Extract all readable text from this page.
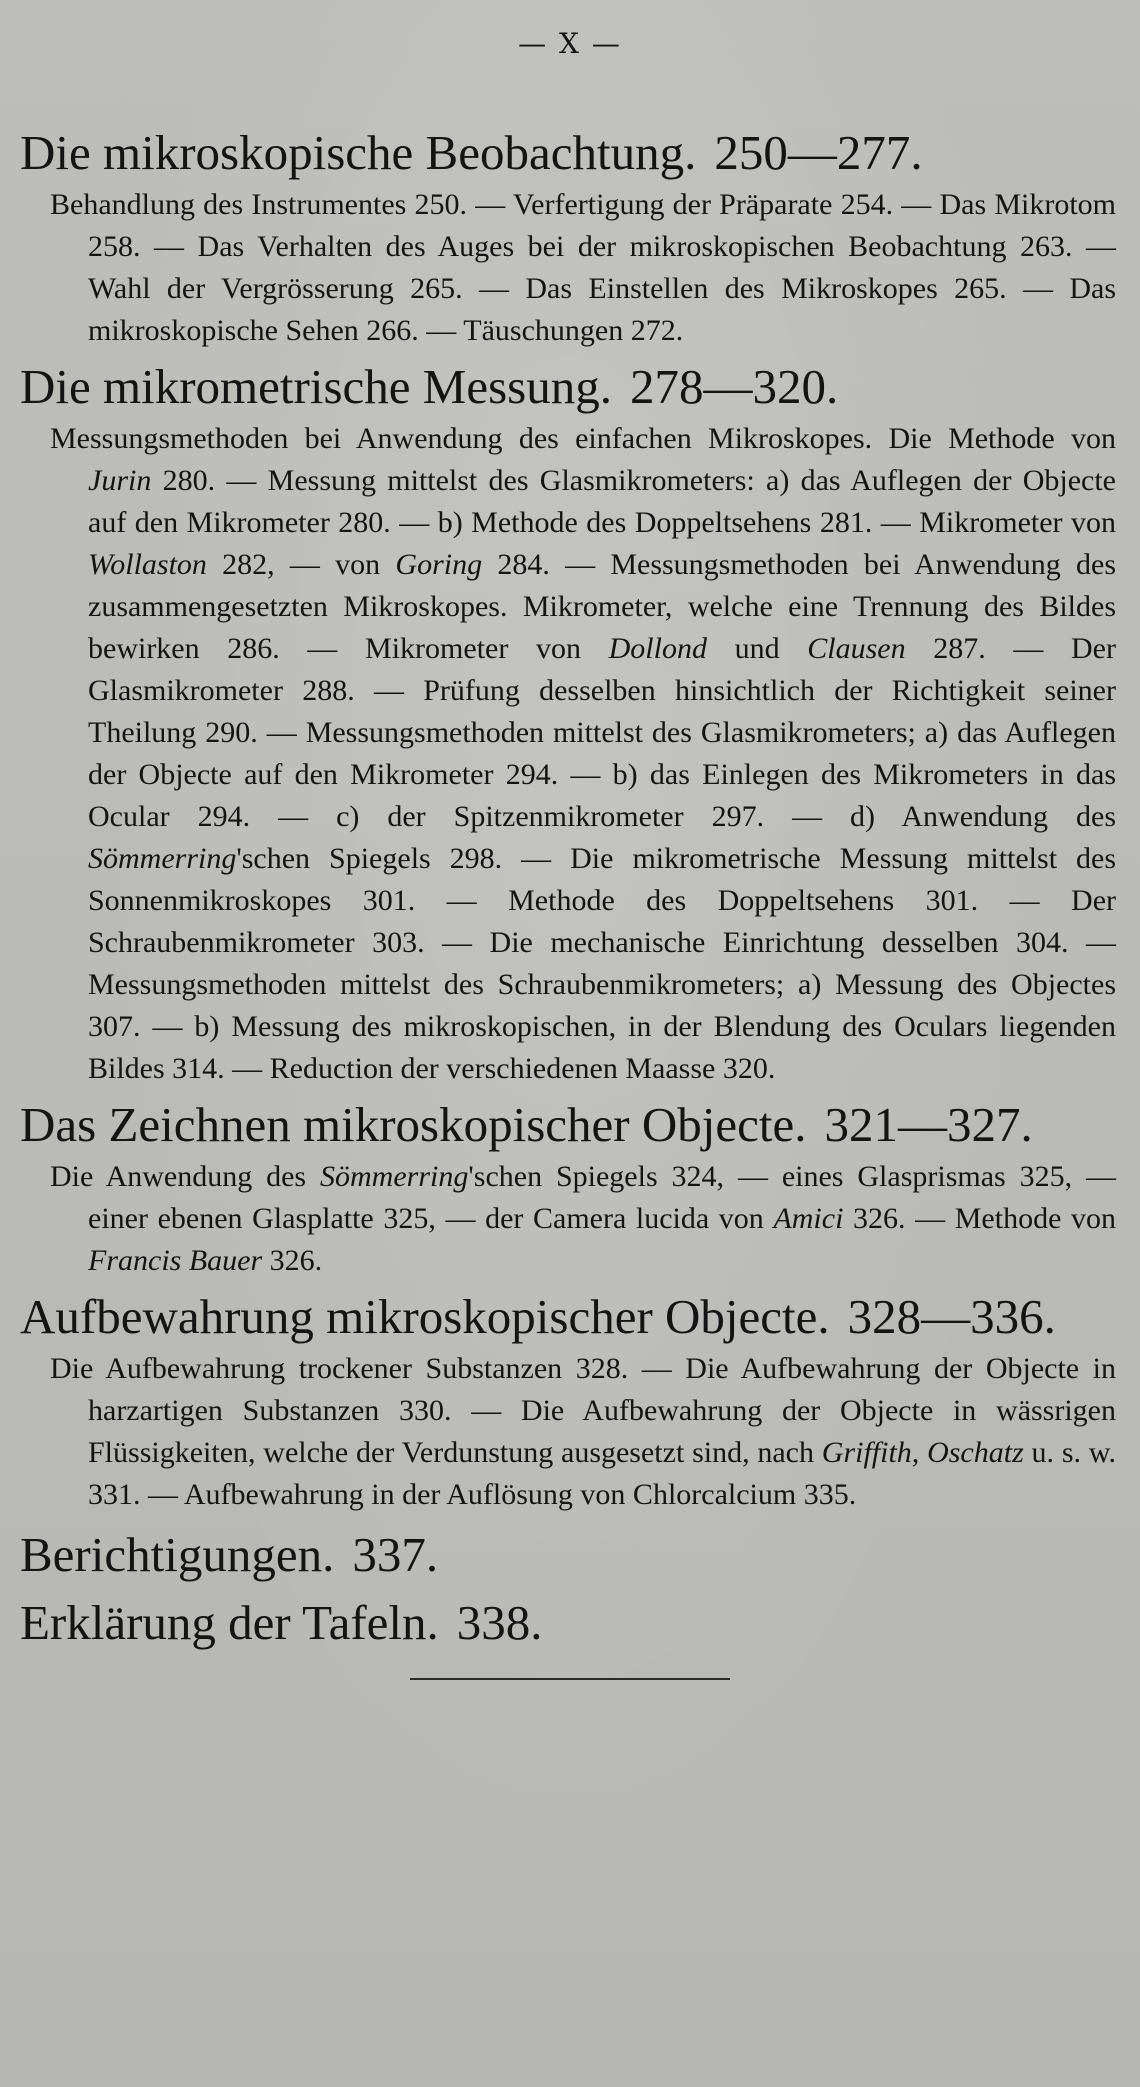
— X —
Die mikroskopische Beobachtung. 250—277.
Behandlung des Instrumentes 250. — Verfertigung der Präparate 254. — Das Mikrotom 258. — Das Verhalten des Auges bei der mikroskopischen Beobachtung 263. — Wahl der Vergrösserung 265. — Das Einstellen des Mikroskopes 265. — Das mikroskopische Sehen 266. — Täuschungen 272.
Die mikrometrische Messung. 278—320.
Messungsmethoden bei Anwendung des einfachen Mikroskopes. Die Methode von Jurin 280. — Messung mittelst des Glasmikrometers: a) das Auflegen der Objecte auf den Mikrometer 280. — b) Methode des Doppeltsehens 281. — Mikrometer von Wollaston 282, — von Goring 284. — Messungsmethoden bei Anwendung des zusammengesetzten Mikroskopes. Mikrometer, welche eine Trennung des Bildes bewirken 286. — Mikrometer von Dollond und Clausen 287. — Der Glasmikrometer 288. — Prüfung desselben hinsichtlich der Richtigkeit seiner Theilung 290. — Messungsmethoden mittelst des Glasmikrometers; a) das Auflegen der Objecte auf den Mikrometer 294. — b) das Einlegen des Mikrometers in das Ocular 294. — c) der Spitzenmikrometer 297. — d) Anwendung des Sömmerring'schen Spiegels 298. — Die mikrometrische Messung mittelst des Sonnenmikroskopes 301. — Methode des Doppeltsehens 301. — Der Schraubenmikrometer 303. — Die mechanische Einrichtung desselben 304. — Messungsmethoden mittelst des Schraubenmikrometers; a) Messung des Objectes 307. — b) Messung des mikroskopischen, in der Blendung des Oculars liegenden Bildes 314. — Reduction der verschiedenen Maasse 320.
Das Zeichnen mikroskopischer Objecte. 321—327.
Die Anwendung des Sömmerring'schen Spiegels 324, — eines Glasprismas 325, — einer ebenen Glasplatte 325, — der Camera lucida von Amici 326. — Methode von Francis Bauer 326.
Aufbewahrung mikroskopischer Objecte. 328—336.
Die Aufbewahrung trockener Substanzen 328. — Die Aufbewahrung der Objecte in harzartigen Substanzen 330. — Die Aufbewahrung der Objecte in wässrigen Flüssigkeiten, welche der Verdunstung ausgesetzt sind, nach Griffith, Oschatz u. s. w. 331. — Aufbewahrung in der Auflösung von Chlorcalcium 335.
Berichtigungen. 337.
Erklärung der Tafeln. 338.
